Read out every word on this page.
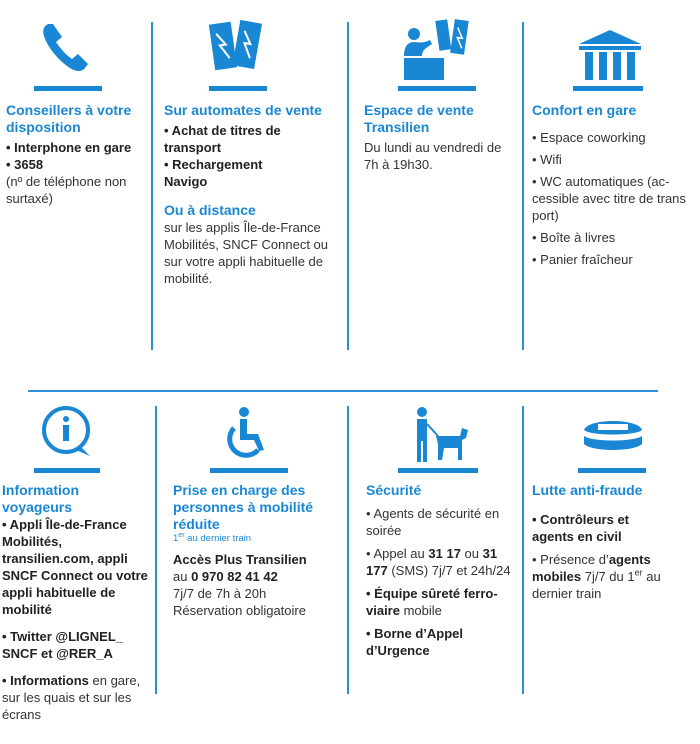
Conseillers à votre disposition

• Interphone en gare

• 3658

(nº de téléphone non surtaxé)

Sur automates de vente

• Achat de titres de transport

• Rechargement Navigo

Ou à distance

sur les applis Île-de-France Mobilités, SNCF Connect ou sur votre appli habituelle de mobilité.

Espace de vente Transilien

Du lundi au vendredi de 7h à 19h30.

Confort en gare

• Espace coworking

• Wifi

• WC automatiques (ac-cessible avec titre de trans port)

• Boîte à livres

• Panier fraîcheur

Information voyageurs

• Appli Île-de-France Mobilités, transilien.com, appli SNCF Connect ou votre appli habituelle de mobilité

• Twitter @LIGNEL_ SNCF et @RER_A

• Informations en gare, sur les quais et sur les écrans

Prise en charge des personnes à mobilité réduite

1er au dernier train

Accès Plus Transilien

au 0 970 82 41 42

7j/7 de 7h à 20h

Réservation obligatoire

Sécurité

• Agents de sécurité en soirée

• Appel au 31 17 ou 31 177 (SMS) 7j/7 et 24h/24

• Équipe sûreté ferro-viaire mobile

• Borne d’Appel d’Urgence

Lutte anti-fraude

• Contrôleurs et agents en civil

• Présence d’agents mobiles 7j/7 du 1er au dernier train
